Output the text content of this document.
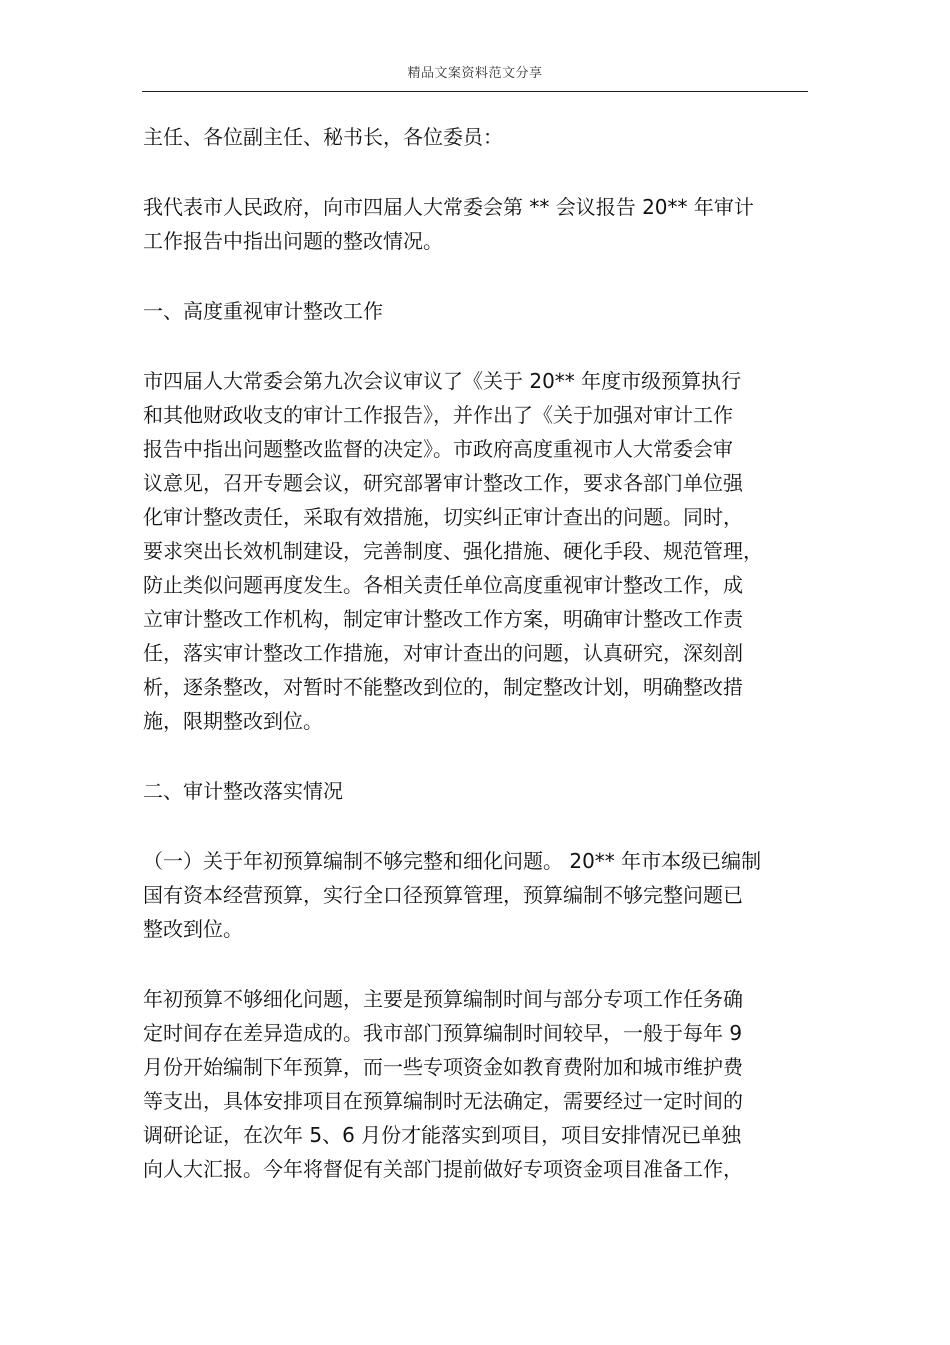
精品文案资料范文分享

主任、各位副主任、秘书长，各位委员：

我代表市人民政府，向市四届人大常委会第 ** 会议报告 20** 年审计
工作报告中指出问题的整改情况。

一、高度重视审计整改工作

市四届人大常委会第九次会议审议了《关于 20** 年度市级预算执行
和其他财政收支的审计工作报告》，并作出了《关于加强对审计工作
报告中指出问题整改监督的决定》。市政府高度重视市人大常委会审
议意见，召开专题会议，研究部署审计整改工作，要求各部门单位强
化审计整改责任，采取有效措施，切实纠正审计查出的问题。同时，
要求突出长效机制建设，完善制度、强化措施、硬化手段、规范管理，
防止类似问题再度发生。各相关责任单位高度重视审计整改工作，成
立审计整改工作机构，制定审计整改工作方案，明确审计整改工作责
任，落实审计整改工作措施，对审计查出的问题，认真研究，深刻剖
析，逐条整改，对暂时不能整改到位的，制定整改计划，明确整改措
施，限期整改到位。

二、审计整改落实情况

（一）关于年初预算编制不够完整和细化问题。 20** 年市本级已编制
国有资本经营预算，实行全口径预算管理，预算编制不够完整问题已
整改到位。

年初预算不够细化问题，主要是预算编制时间与部分专项工作任务确
定时间存在差异造成的。我市部门预算编制时间较早，一般于每年 9
月份开始编制下年预算，而一些专项资金如教育费附加和城市维护费
等支出，具体安排项目在预算编制时无法确定，需要经过一定时间的
调研论证，在次年 5、6 月份才能落实到项目，项目安排情况已单独
向人大汇报。今年将督促有关部门提前做好专项资金项目准备工作，
